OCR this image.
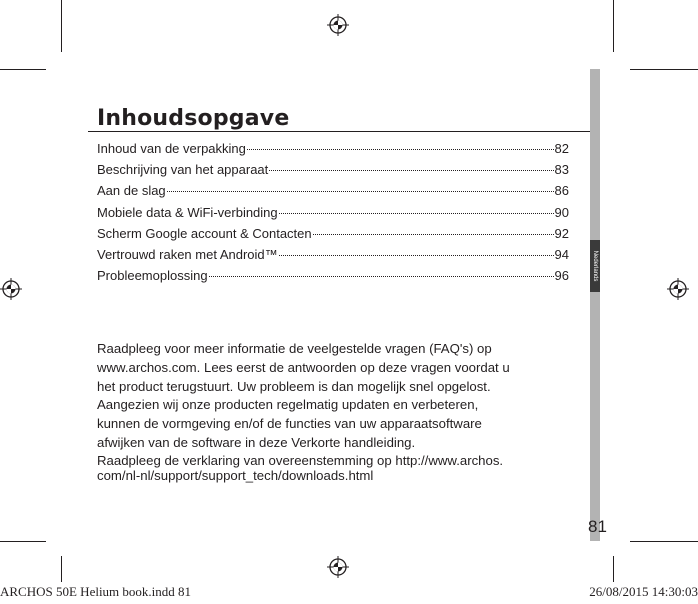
Nederlands
Inhoudsopgave
Inhoud van de verpakking	82
Beschrijving van het apparaat	83
Aan de slag	86
Mobiele data & WiFi-verbinding	90
Scherm Google account & Contacten	92
Vertrouwd raken met Android™	94
Probleemoplossing	96

Raadpleeg voor meer informatie de veelgestelde vragen (FAQ's) op

www.archos.com. Lees eerst de antwoorden op deze vragen voordat u

het product terugstuurt. Uw probleem is dan mogelijk snel opgelost.

Aangezien wij onze producten regelmatig updaten en verbeteren,

kunnen de vormgeving en/of de functies van uw apparaatsoftware

afwijken van de software in deze Verkorte handleiding.

Raadpleeg de verklaring van overeenstemming op http://www.archos.

com/nl-nl/support/support_tech/downloads.html

81
ARCHOS 50E Helium book.indd 81	26/08/2015 14:30:03
